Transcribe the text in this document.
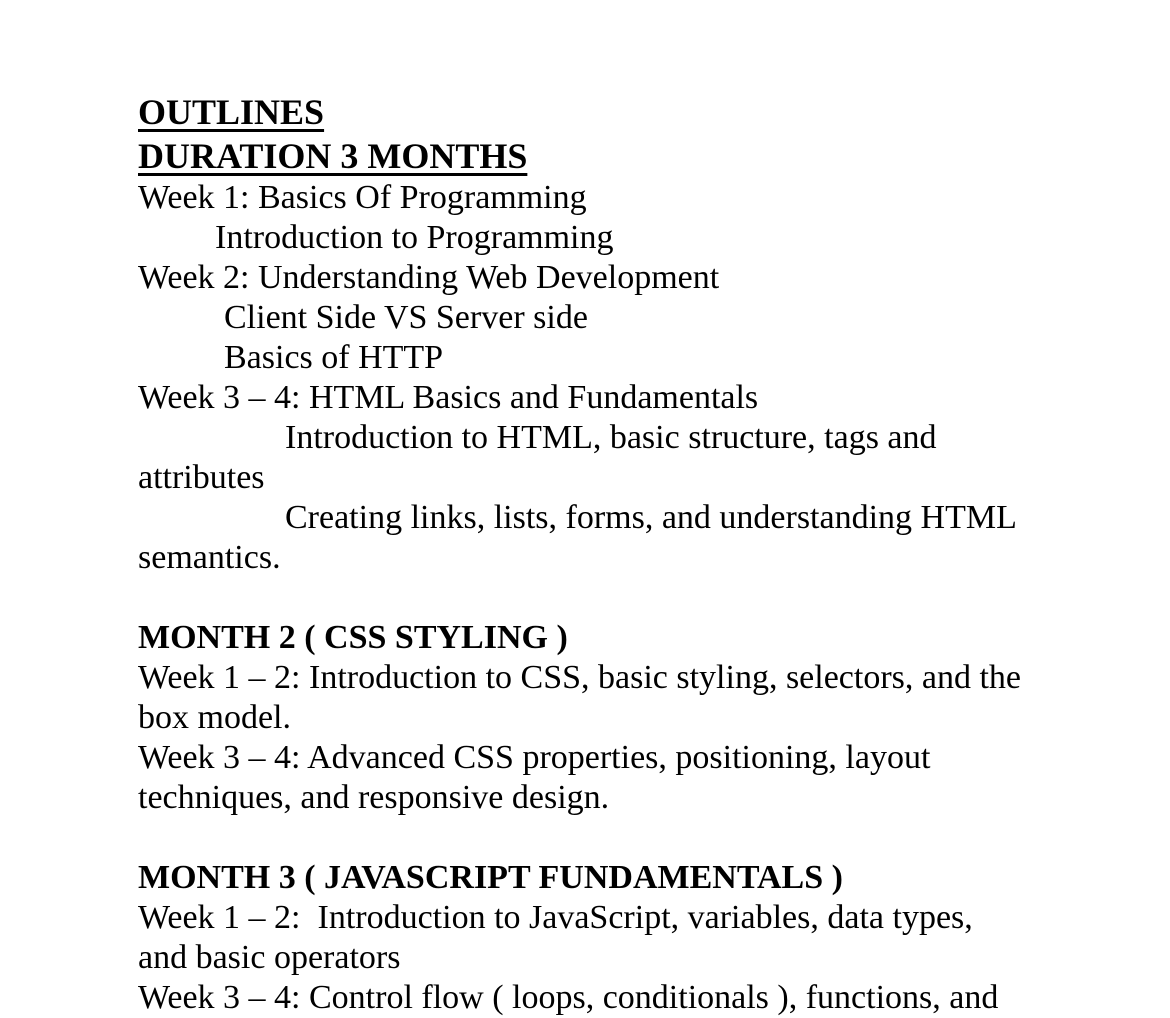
OUTLINES
DURATION 3 MONTHS
Week 1: Basics Of Programming
Introduction to Programming
Week 2: Understanding Web Development
Client Side VS Server side
Basics of HTTP
Week 3 – 4: HTML Basics and Fundamentals
Introduction to HTML, basic structure, tags and
attributes
Creating links, lists, forms, and understanding HTML
semantics.
MONTH 2 ( CSS STYLING )
Week 1 – 2: Introduction to CSS, basic styling, selectors, and the
box model.
Week 3 – 4: Advanced CSS properties, positioning, layout
techniques, and responsive design.
MONTH 3 ( JAVASCRIPT FUNDAMENTALS )
Week 1 – 2:  Introduction to JavaScript, variables, data types,
and basic operators
Week 3 – 4: Control flow ( loops, conditionals ), functions, and
